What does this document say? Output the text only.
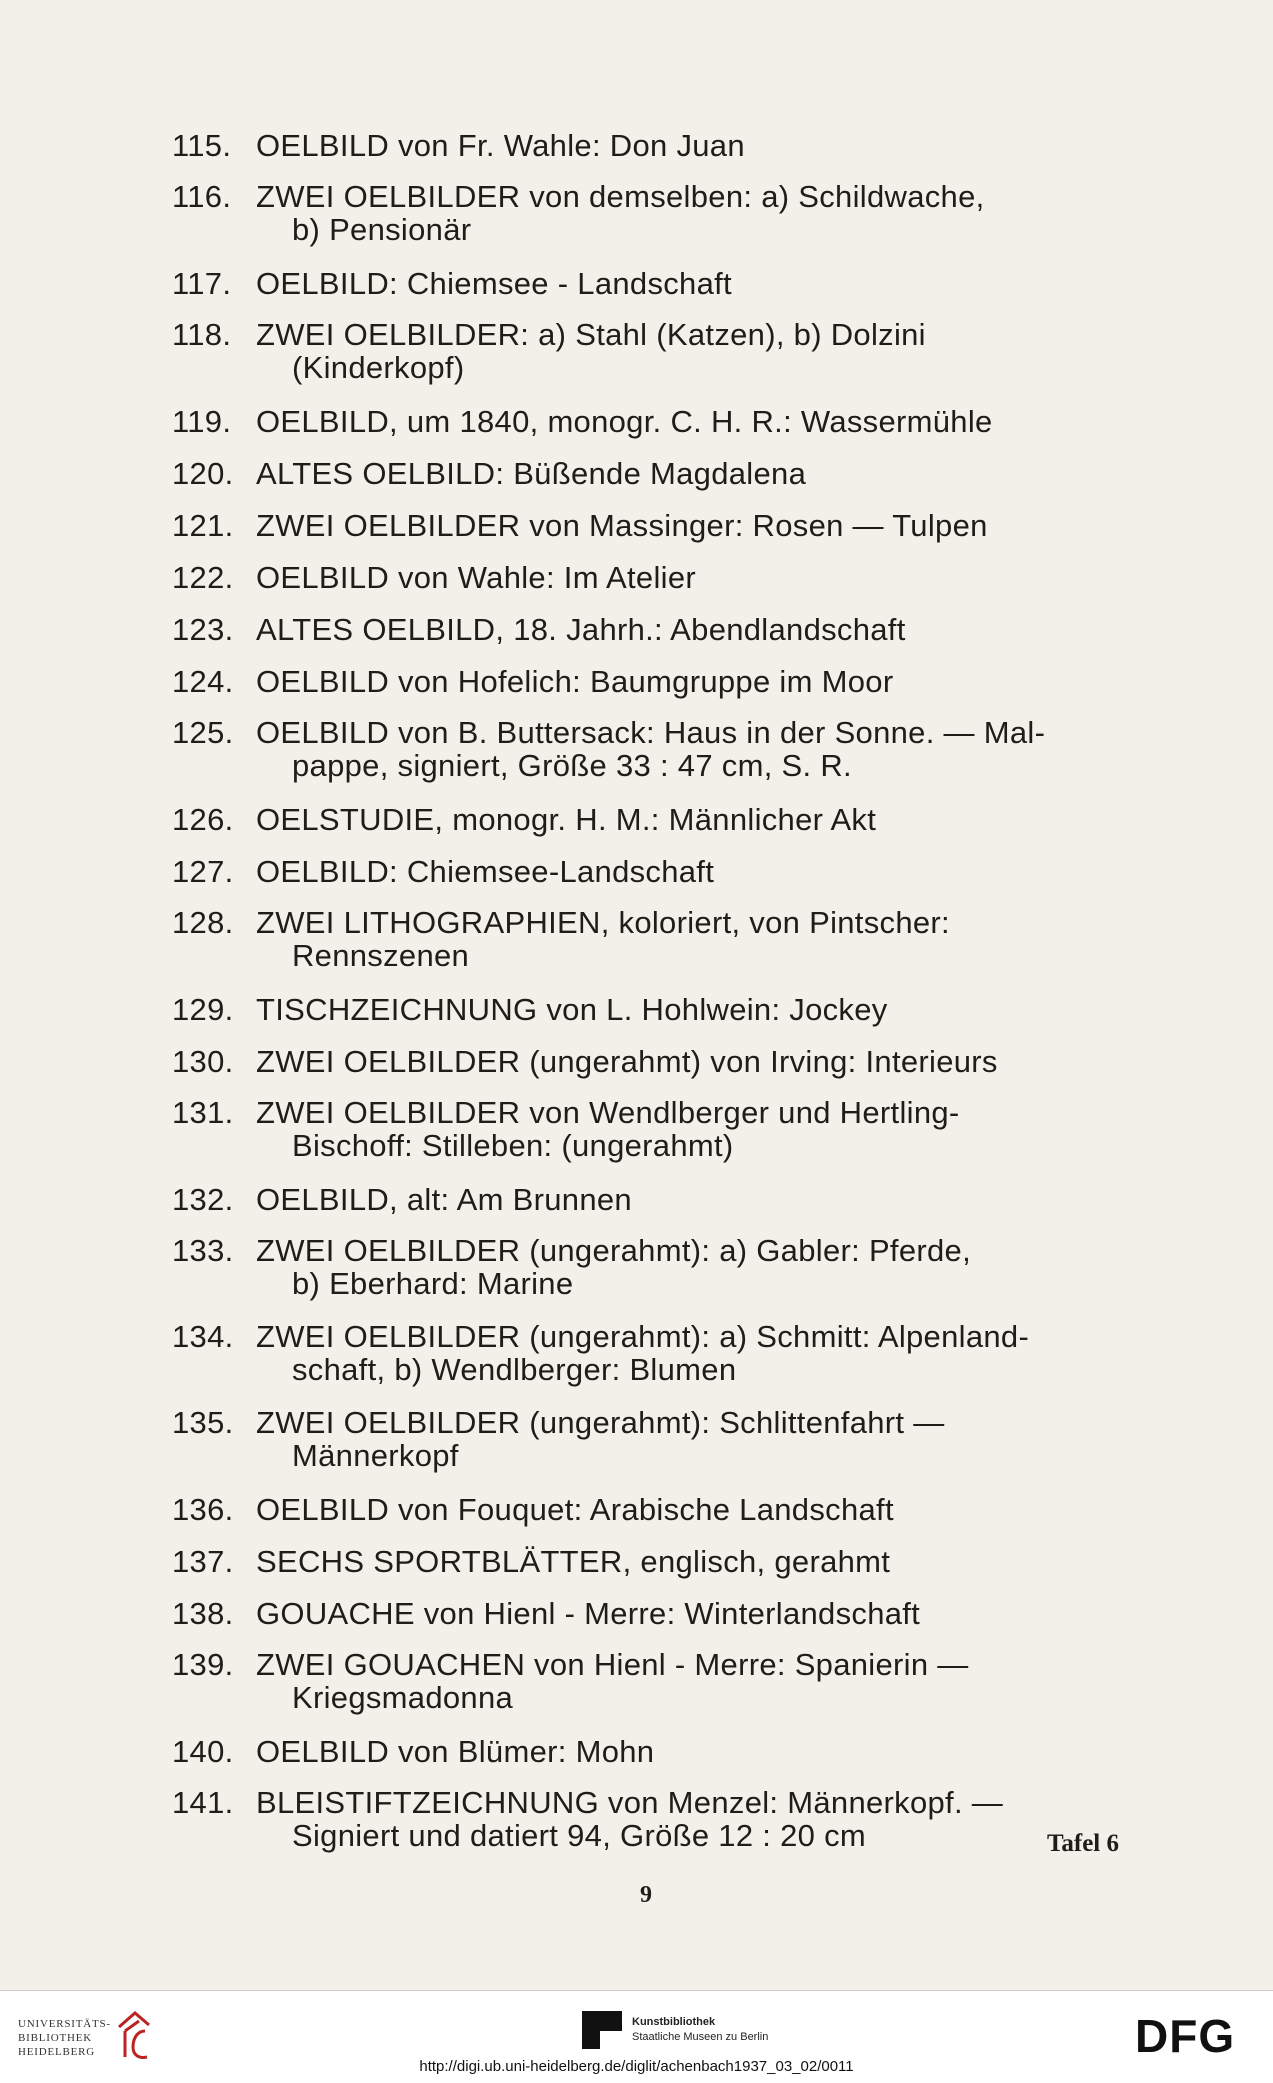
115. OELBILD von Fr. Wahle: Don Juan
116. ZWEI OELBILDER von demselben: a) Schildwache,
b) Pensionär
117. OELBILD: Chiemsee - Landschaft
118. ZWEI OELBILDER: a) Stahl (Katzen), b) Dolzini
(Kinderkopf)
119. OELBILD, um 1840, monogr. C. H. R.: Wassermühle
120. ALTES OELBILD: Büßende Magdalena
121. ZWEI OELBILDER von Massinger: Rosen — Tulpen
122. OELBILD von Wahle: Im Atelier
123. ALTES OELBILD, 18. Jahrh.: Abendlandschaft
124. OELBILD von Hofelich: Baumgruppe im Moor
125. OELBILD von B. Buttersack: Haus in der Sonne. — Mal-
pappe, signiert, Größe 33 : 47 cm, S. R.
126. OELSTUDIE, monogr. H. M.: Männlicher Akt
127. OELBILD: Chiemsee-Landschaft
128. ZWEI LITHOGRAPHIEN, koloriert, von Pintscher:
Rennszenen
129. TISCHZEICHNUNG von L. Hohlwein: Jockey
130. ZWEI OELBILDER (ungerahmt) von Irving: Interieurs
131. ZWEI OELBILDER von Wendlberger und Hertling-
Bischoff: Stilleben: (ungerahmt)
132. OELBILD, alt: Am Brunnen
133. ZWEI OELBILDER (ungerahmt): a) Gabler: Pferde,
b) Eberhard: Marine
134. ZWEI OELBILDER (ungerahmt): a) Schmitt: Alpenland-
schaft, b) Wendlberger: Blumen
135. ZWEI OELBILDER (ungerahmt): Schlittenfahrt —
Männerkopf
136. OELBILD von Fouquet: Arabische Landschaft
137. SECHS SPORTBLÄTTER, englisch, gerahmt
138. GOUACHE von Hienl - Merre: Winterlandschaft
139. ZWEI GOUACHEN von Hienl - Merre: Spanierin —
Kriegsmadonna
140. OELBILD von Blümer: Mohn
141. BLEISTIFTZEICHNUNG von Menzel: Männerkopf. —
Signiert und datiert 94, Größe 12 : 20 cm	Tafel 6
9
UNIVERSITÄTS-
BIBLIOTHEK
HEIDELBERG
Kunstbibliothek
Staatliche Museen zu Berlin	DFG
http://digi.ub.uni-heidelberg.de/diglit/achenbach1937_03_02/0011
